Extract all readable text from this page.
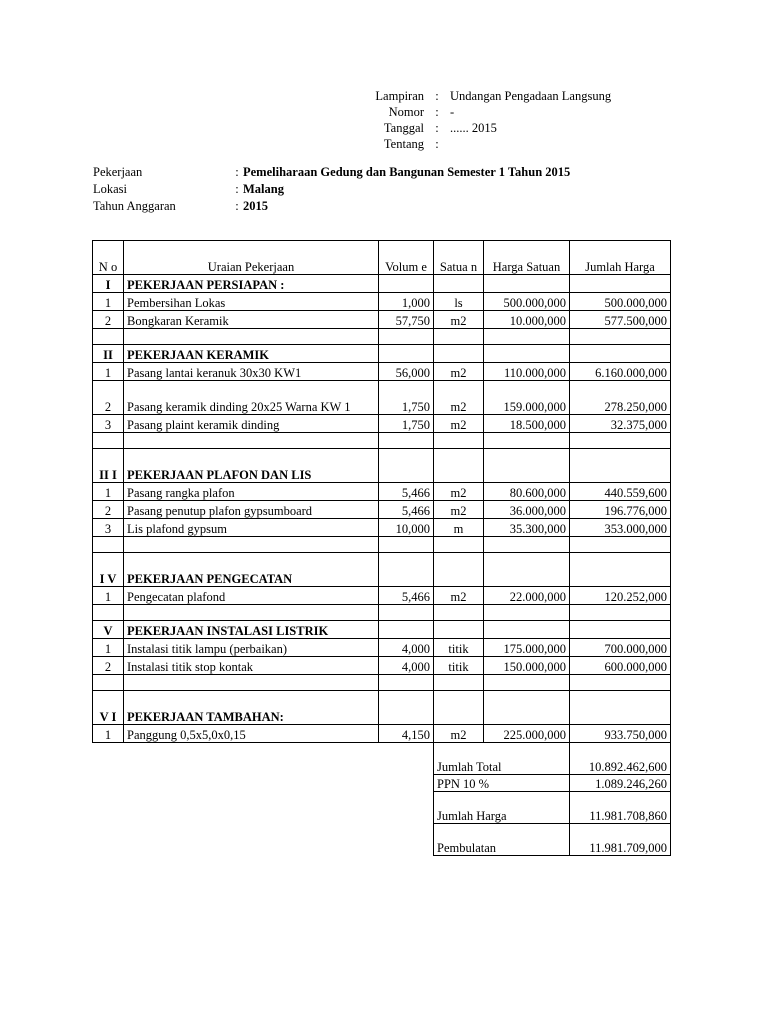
Lampiran	:	Undangan Pengadaan Langsung
Nomor	:	-
Tanggal	:	...... 2015
Tentang	:	
Pekerjaan	:	Pemeliharaan Gedung dan Bangunan Semester 1 Tahun 2015
Lokasi	:	Malang
Tahun Anggaran	:	2015
N o	Uraian Pekerjaan	Volum e	Satua n	Harga Satuan	Jumlah Harga
I	PEKERJAAN PERSIAPAN :				
1	Pembersihan Lokas	1,000	ls	500.000,000	500.000,000
2	Bongkaran Keramik	57,750	m2	10.000,000	577.500,000

II	PEKERJAAN KERAMIK				
1	Pasang lantai keranuk 30x30 KW1	56,000	m2	110.000,000	6.160.000,000
2	Pasang keramik dinding 20x25 Warna KW 1	1,750	m2	159.000,000	278.250,000
3	Pasang plaint keramik dinding	1,750	m2	18.500,000	32.375,000

II I	PEKERJAAN PLAFON DAN LIS				
1	Pasang rangka plafon	5,466	m2	80.600,000	440.559,600
2	Pasang penutup plafon gypsumboard	5,466	m2	36.000,000	196.776,000
3	Lis plafond gypsum	10,000	m	35.300,000	353.000,000

I V	PEKERJAAN PENGECATAN				
1	Pengecatan plafond	5,466	m2	22.000,000	120.252,000

V	PEKERJAAN INSTALASI LISTRIK				
1	Instalasi titik lampu (perbaikan)	4,000	titik	175.000,000	700.000,000
2	Instalasi titik stop kontak	4,000	titik	150.000,000	600.000,000

V I	PEKERJAAN TAMBAHAN:				
1	Panggung 0,5x5,0x0,15	4,150	m2	225.000,000	933.750,000
			Jumlah Total		10.892.462,600
			PPN 10 %		1.089.246,260
			Jumlah Harga		11.981.708,860
			Pembulatan		11.981.709,000
